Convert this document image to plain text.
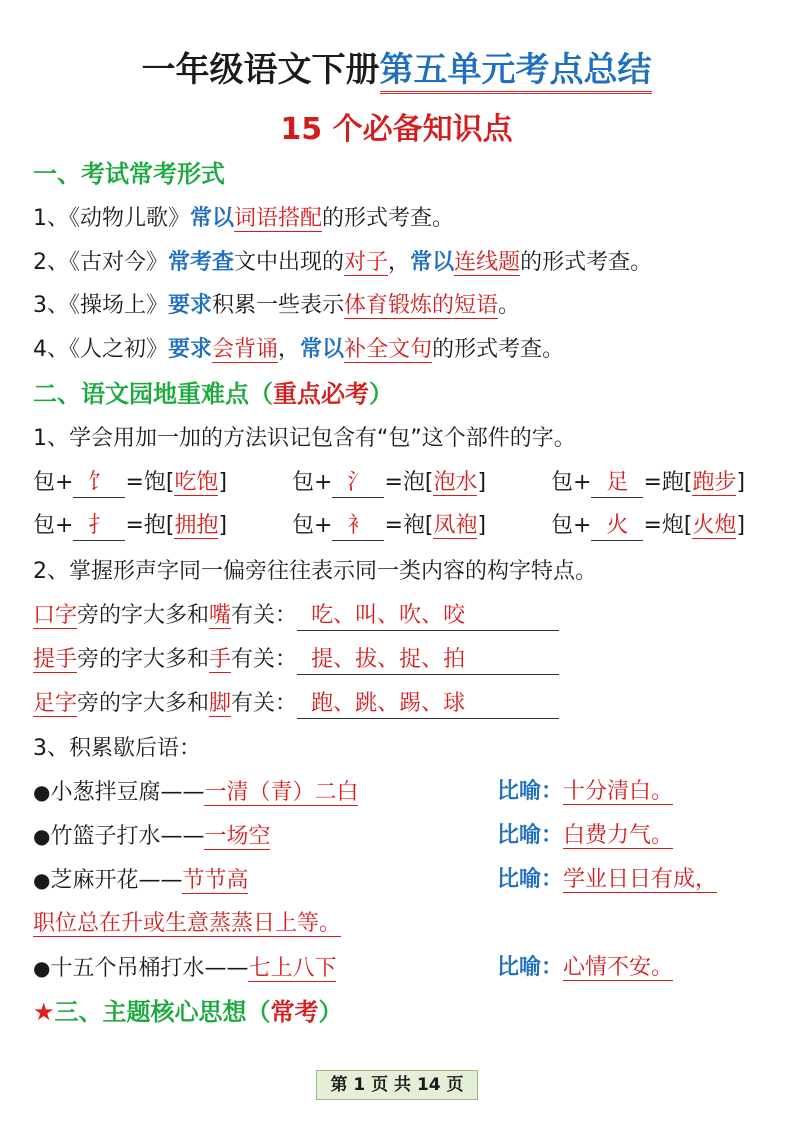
一年级语文下册第五单元考点总结
15 个必备知识点
一、考试常考形式
1、《动物儿歌》常以词语搭配的形式考查。
2、《古对今》常考查文中出现的对子，常以连线题的形式考查。
3、《操场上》要求积累一些表示体育锻炼的短语。
4、《人之初》要求会背诵，常以补全文句的形式考查。
二、语文园地重难点（重点必考）
1、学会用加一加的方法识记包含有“包”这个部件的字。
包+ 饣 =饱[吃饱]	包+ 氵 =泡[泡水]	包+ 足 =跑[跑步]
包+ 扌 =抱[拥抱]	包+ 衤 =袍[凤袍]	包+ 火 =炮[火炮]
2、掌握形声字同一偏旁往往表示同一类内容的构字特点。
口字旁的字大多和嘴有关： 吃、叫、吹、咬
提手旁的字大多和手有关： 提、拔、捉、拍
足字旁的字大多和脚有关： 跑、跳、踢、球
3、积累歇后语：
●小葱拌豆腐——一清（青）二白	比喻：十分清白。
●竹篮子打水——一场空	比喻：白费力气。
●芝麻开花——节节高	比喻：学业日日有成，
职位总在升或生意蒸蒸日上等。
●十五个吊桶打水——七上八下	比喻：心情不安。
★三、主题核心思想（常考）
第 1 页 共 14 页
